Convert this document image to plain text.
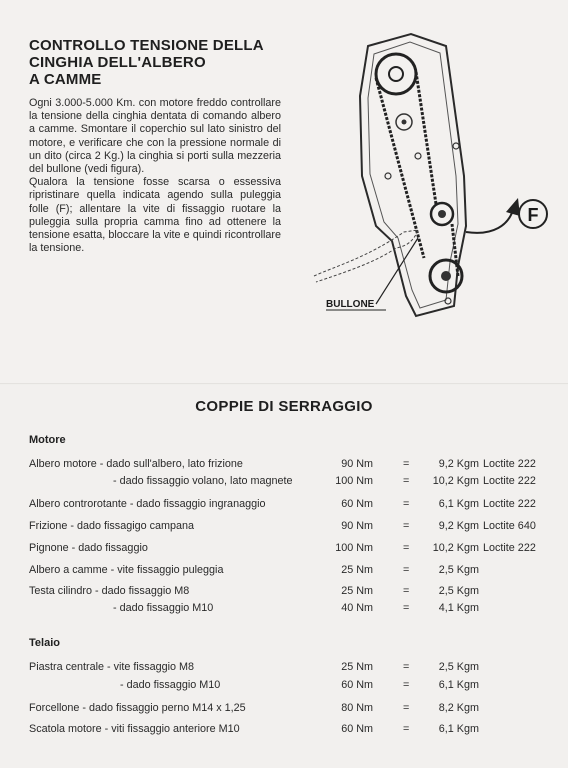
CONTROLLO TENSIONE DELLA
CINGHIA DELL'ALBERO
A CAMME

Ogni 3.000-5.000 Km. con motore freddo controllare la tensione della cinghia dentata di comando albero a camme. Smontare il coperchio sul lato sinistro del motore, e verificare che con la pressione normale di un dito (circa 2 Kg.) la cinghia si porti sulla mezzeria del bullone (vedi figura).

Qualora la tensione fosse scarsa o essessiva ripristinare quella indicata agendo sulla puleggia folle (F); allentare la vite di fissaggio ruotare la puleggia sulla propria camma fino ad ottenere la tensione esatta, bloccare la vite e quindi ricontrollare la tensione.

F
BULLONE
COPPIE DI SERRAGGIO
Motore
Albero motore - dado sull'albero, lato frizione	90 Nm	=	9,2 Kgm Loctite 222
- dado fissaggio volano, lato magnete	100 Nm	=	10,2 Kgm Loctite 222
Albero controrotante - dado fissaggio ingranaggio	60 Nm	=	6,1 Kgm Loctite 222
Frizione - dado fissagigo campana	90 Nm	=	9,2 Kgm Loctite 640
Pignone - dado fissaggio	100 Nm	=	10,2 Kgm Loctite 222
Albero a camme - vite fissaggio puleggia	25 Nm	=	2,5 Kgm
Testa cilindro - dado fissaggio M8	25 Nm	=	2,5 Kgm
- dado fissaggio M10	40 Nm	=	4,1 Kgm
Telaio
Piastra centrale - vite fissaggio M8	25 Nm	=	2,5 Kgm
- dado fissaggio M10	60 Nm	=	6,1 Kgm
Forcellone - dado fissaggio perno M14 x 1,25	80 Nm	=	8,2 Kgm
Scatola motore - viti fissaggio anteriore M10	60 Nm	=	6,1 Kgm
